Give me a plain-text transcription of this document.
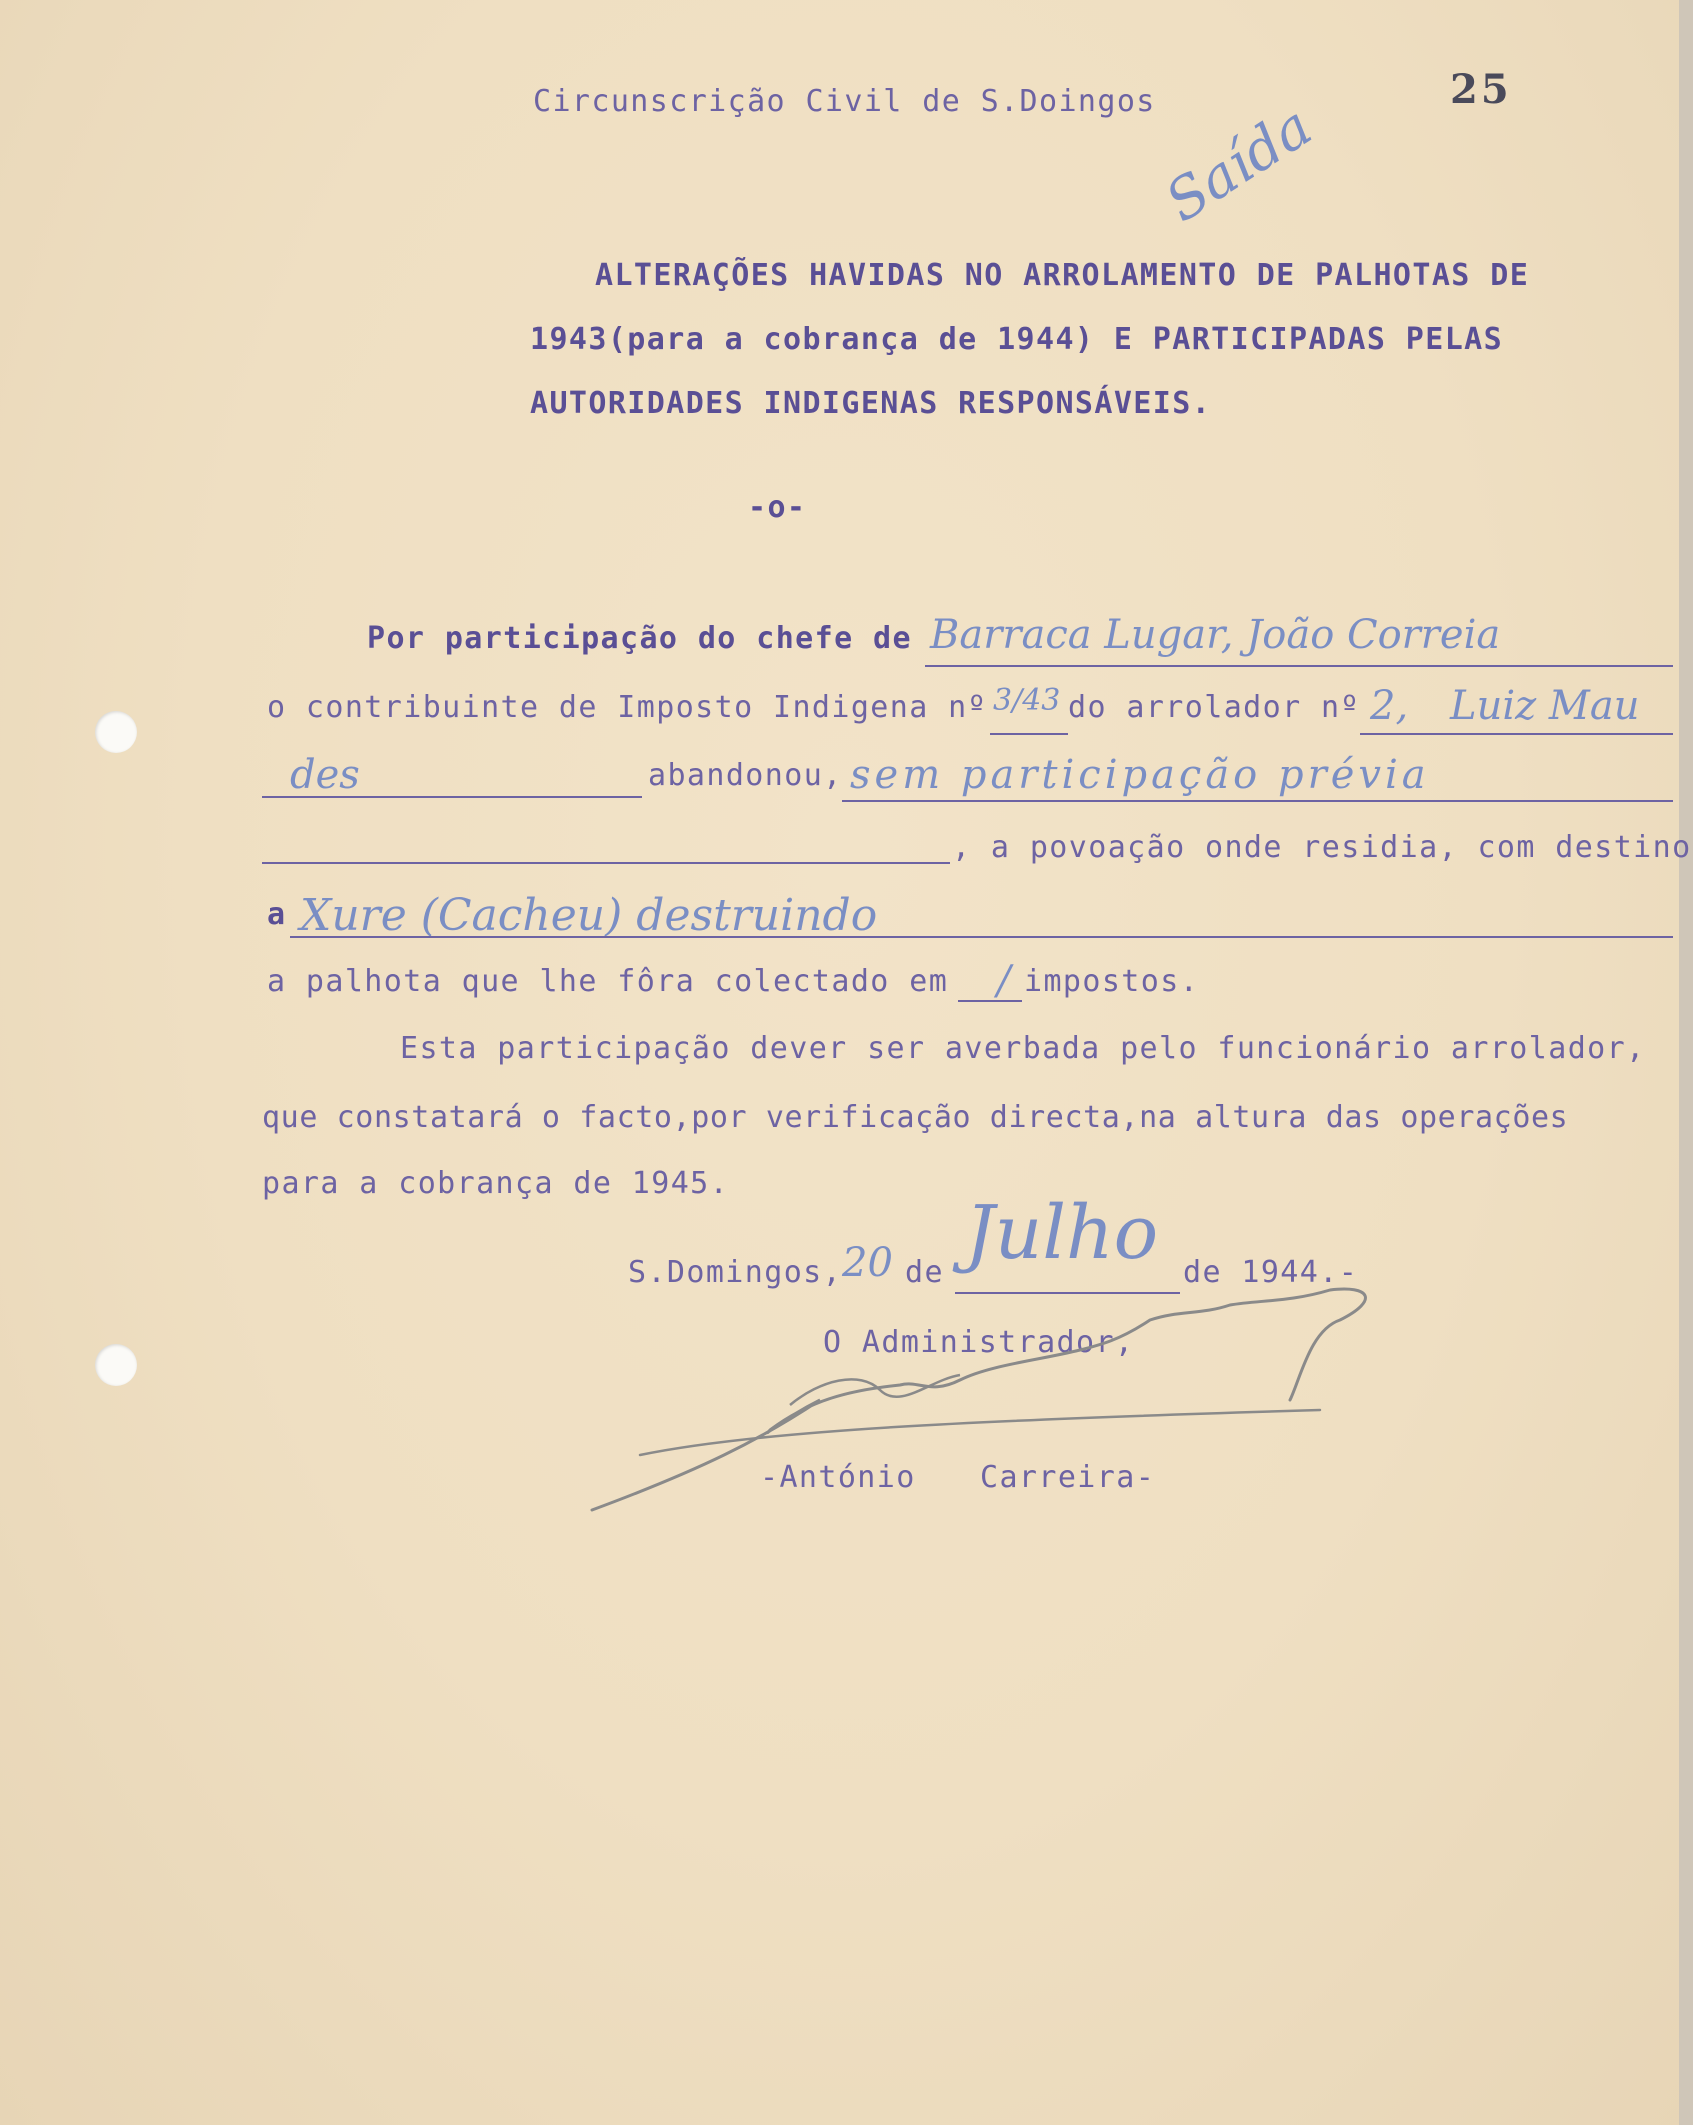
Circunscrição Civil de S.Doingos	25
Saída
ALTERAÇÕES HAVIDAS NO ARROLAMENTO DE PALHOTAS DE
1943(para a cobrança de 1944) E PARTICIPADAS PELAS
AUTORIDADES INDIGENAS RESPONSÁVEIS.
-o-
Por participação do chefe de Barraca Lugar, João Correia
o contribuinte de Imposto Indigena nº 3/43 do arrolador nº 2, Luiz Mau
des	abandonou, sem participação prévia
, a povoação onde residia, com destino
a Xure (Cacheu) destruindo
a palhota que lhe fôra colectado em / impostos.
Esta participação dever ser averbada pelo funcionário arrolador,
que constatará o facto,por verificação directa,na altura das operações
para a cobrança de 1945.
S.Domingos, 20 de Julho de 1944.-
O Administrador,
-António Carreira-
